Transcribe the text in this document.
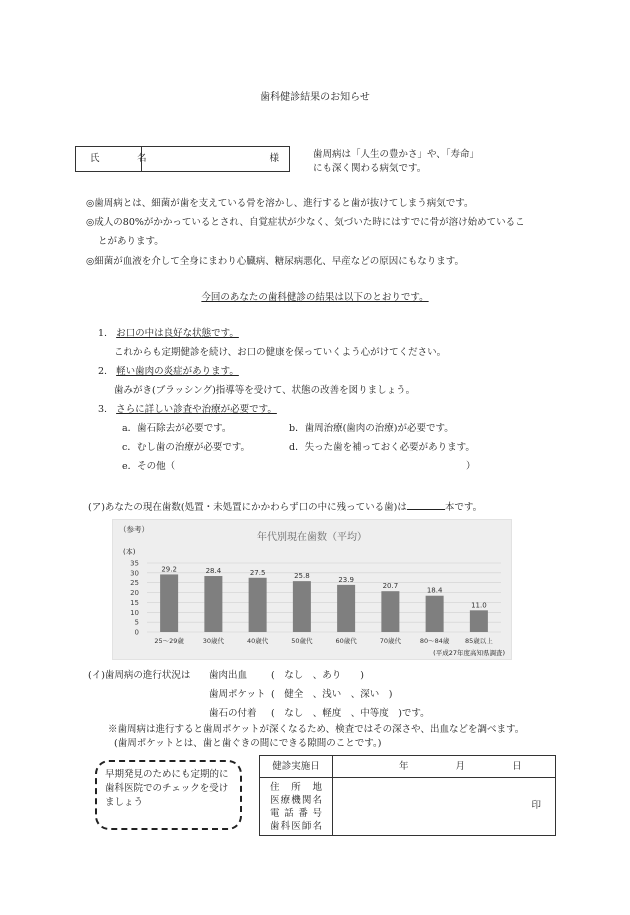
歯科健診結果のお知らせ
氏　名	様	歯周病は「人生の豊かさ」や、「寿命」
にも深く関わる病気です。
◎歯周病とは、細菌が歯を支えている骨を溶かし、進行すると歯が抜けてしまう病気です。
◎成人の80%がかかっているとされ、自覚症状が少なく、気づいた時にはすでに骨が溶け始めているこ
とがあります。
◎細菌が血液を介して全身にまわり心臓病、糖尿病悪化、早産などの原因にもなります。
今回のあなたの歯科健診の結果は以下のとおりです。
1. お口の中は良好な状態です。
これからも定期健診を続け、お口の健康を保っていくよう心がけてください。
2. 軽い歯肉の炎症があります。
歯みがき(ブラッシング)指導等を受けて、状態の改善を図りましょう。
3. さらに詳しい診査や治療が必要です。
a．歯石除去が必要です。	b．歯周治療(歯肉の治療)が必要です。
c．むし歯の治療が必要です。	d．失った歯を補っておく必要があります。
e．その他（	）
(ア)あなたの現在歯数(処置・未処置にかかわらず口の中に残っている歯)は	本です。
（参考）
年代別現在歯数（平均）
(本)
(平成27年度高知県調査)
35
30
25
20
15
10
5
0
29.2
25～29歳
28.4
30歳代
27.5
40歳代
25.8
50歳代
23.9
60歳代
20.7
70歳代
18.4
80～84歳
11.0
85歳以上
(イ)歯周病の進行状況は 歯肉出血	(　なし　、あり　　)
歯周ポケット (　健全　、浅い　、深い　)
歯石の付着 (　なし　、軽度　、中等度　)です。
※歯周病は進行すると歯周ポケットが深くなるため、検査ではその深さや、出血などを調べます。
(歯周ポケットとは、歯と歯ぐきの間にできる隙間のことです。)
早期発見のためにも定期的に歯科医院でのチェックを受けましょう
健診実施日	年 月 日

住所地
医療機関名
電話番号
歯科医師名	印
